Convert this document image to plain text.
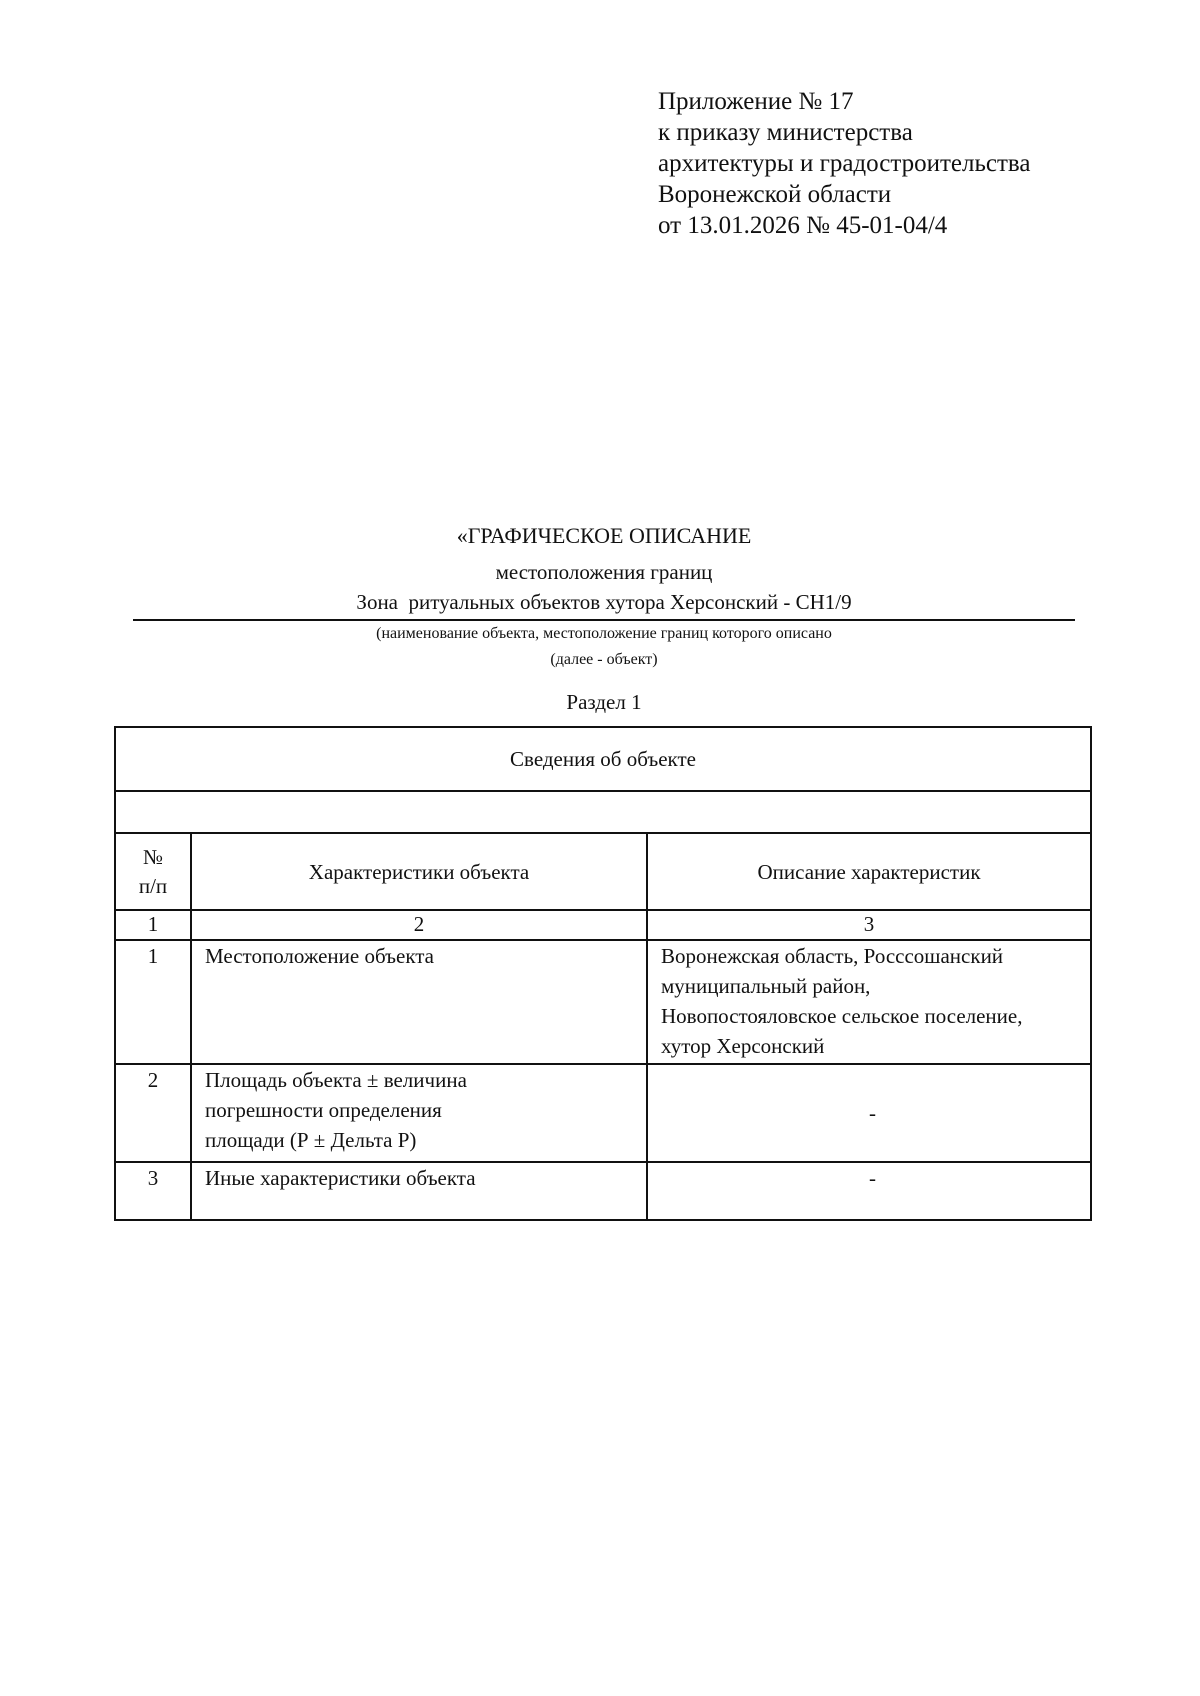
Приложение № 17
к приказу министерства
архитектуры и градостроительства
Воронежской области
от 13.01.2026 № 45-01-04/4
«ГРАФИЧЕСКОЕ ОПИСАНИЕ
местоположения границ
Зона  ритуальных объектов хутора Херсонский - СН1/9
(наименование объекта, местоположение границ которого описано
(далее - объект)
Раздел 1
Сведения об объекте		

№
п/п	Характеристики объекта	Описание характеристик
1	2	3
1	Местоположение объекта	Воронежская область, Росссошанский
муниципальный район,
Новопостояловское сельское поселение,
хутор Херсонский

2	Площадь объекта ± величина
погрешности определения
площади (Р ± Дельта Р)	-

3	Иные характеристики объекта	-
